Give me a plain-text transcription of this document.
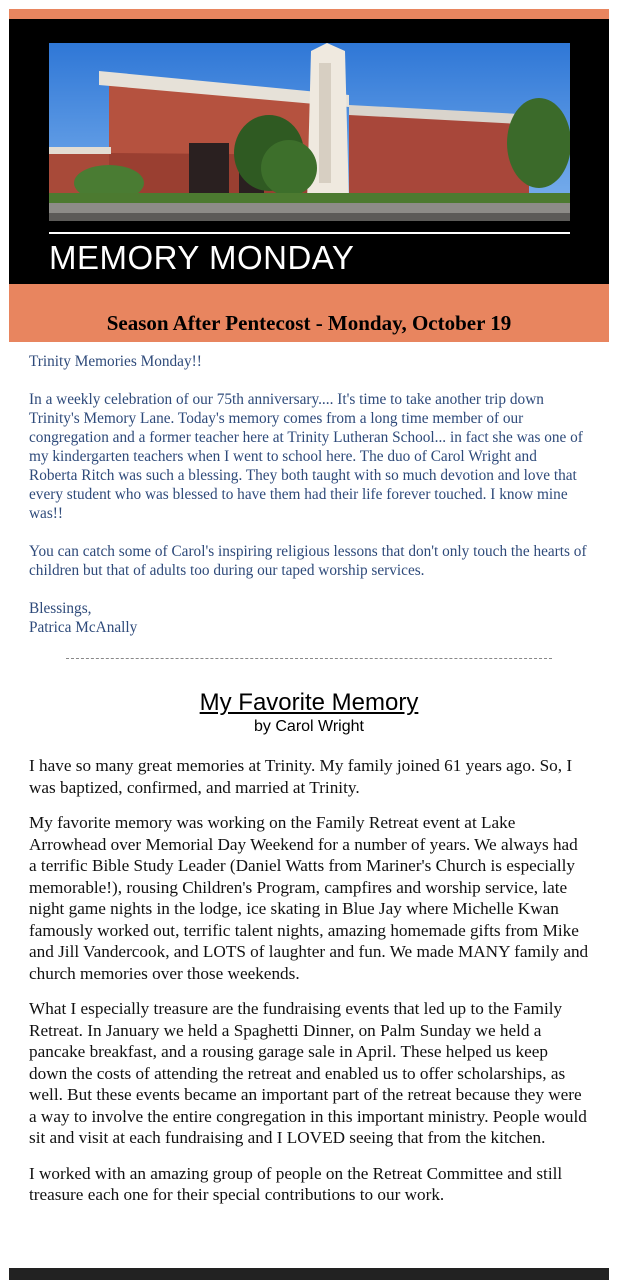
MEMORY MONDAY
Season After Pentecost - Monday, October 19

Trinity Memories Monday!!

In a weekly celebration of our 75th anniversary.... It's time to take another trip down Trinity's Memory Lane. Today's memory comes from a long time member of our congregation and a former teacher here at Trinity Lutheran School... in fact she was one of my kindergarten teachers when I went to school here. The duo of Carol Wright and Roberta Ritch was such a blessing. They both taught with so much devotion and love that every student who was blessed to have them had their life forever touched. I know mine was!!

You can catch some of Carol's inspiring religious lessons that don't only touch the hearts of children but that of adults too during our taped worship services.

Blessings,
Patrica McAnally

My Favorite Memory
by Carol Wright

I have so many great memories at Trinity. My family joined 61 years ago. So, I was baptized, confirmed, and married at Trinity.

My favorite memory was working on the Family Retreat event at Lake Arrowhead over Memorial Day Weekend for a number of years. We always had a terrific Bible Study Leader (Daniel Watts from Mariner's Church is especially memorable!), rousing Children's Program, campfires and worship service, late night game nights in the lodge, ice skating in Blue Jay where Michelle Kwan famously worked out, terrific talent nights, amazing homemade gifts from Mike and Jill Vandercook, and LOTS of laughter and fun. We made MANY family and church memories over those weekends.

What I especially treasure are the fundraising events that led up to the Family Retreat. In January we held a Spaghetti Dinner, on Palm Sunday we held a pancake breakfast, and a rousing garage sale in April. These helped us keep down the costs of attending the retreat and enabled us to offer scholarships, as well. But these events became an important part of the retreat because they were a way to involve the entire congregation in this important ministry. People would sit and visit at each fundraising and I LOVED seeing that from the kitchen.

I worked with an amazing group of people on the Retreat Committee and still treasure each one for their special contributions to our work.
